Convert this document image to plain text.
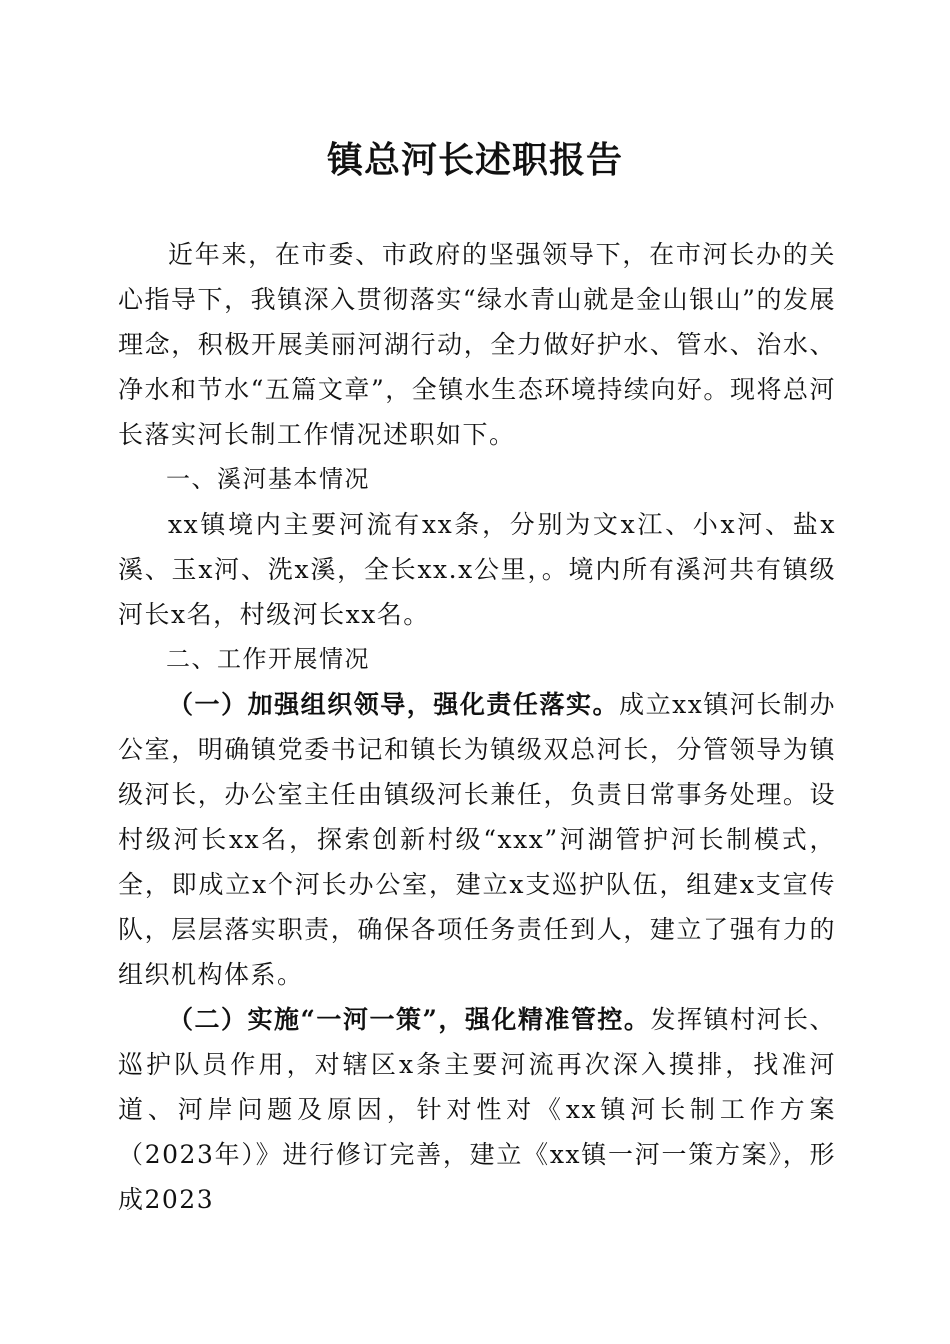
镇总河长述职报告

近年来，在市委、市政府的坚强领导下，在市河长办的关心指导下，我镇深入贯彻落实“绿水青山就是金山银山”的发展理念，积极开展美丽河湖行动，全力做好护水、管水、治水、净水和节水“五篇文章”，全镇水生态环境持续向好。现将总河长落实河长制工作情况述职如下。

一、溪河基本情况

xx镇境内主要河流有xx条，分别为文x江、小x河、盐x溪、玉x河、洗x溪，全长xx.x公里，。境内所有溪河共有镇级河长x名，村级河长xx名。

二、工作开展情况

（一）加强组织领导，强化责任落实。成立xx镇河长制办公室，明确镇党委书记和镇长为镇级双总河长，分管领导为镇级河长，办公室主任由镇级河长兼任，负责日常事务处理。设村级河长xx名，探索创新村级“xxx”河湖管护河长制模式，全，即成立x个河长办公室，建立x支巡护队伍，组建x支宣传队，层层落实职责，确保各项任务责任到人，建立了强有力的组织机构体系。

（二）实施“一河一策”，强化精准管控。发挥镇村河长、巡护队员作用，对辖区x条主要河流再次深入摸排，找准河道、河岸问题及原因，针对性对《xx镇河长制工作方案（2023年）》进行修订完善，建立《xx镇一河一策方案》，形成2023
